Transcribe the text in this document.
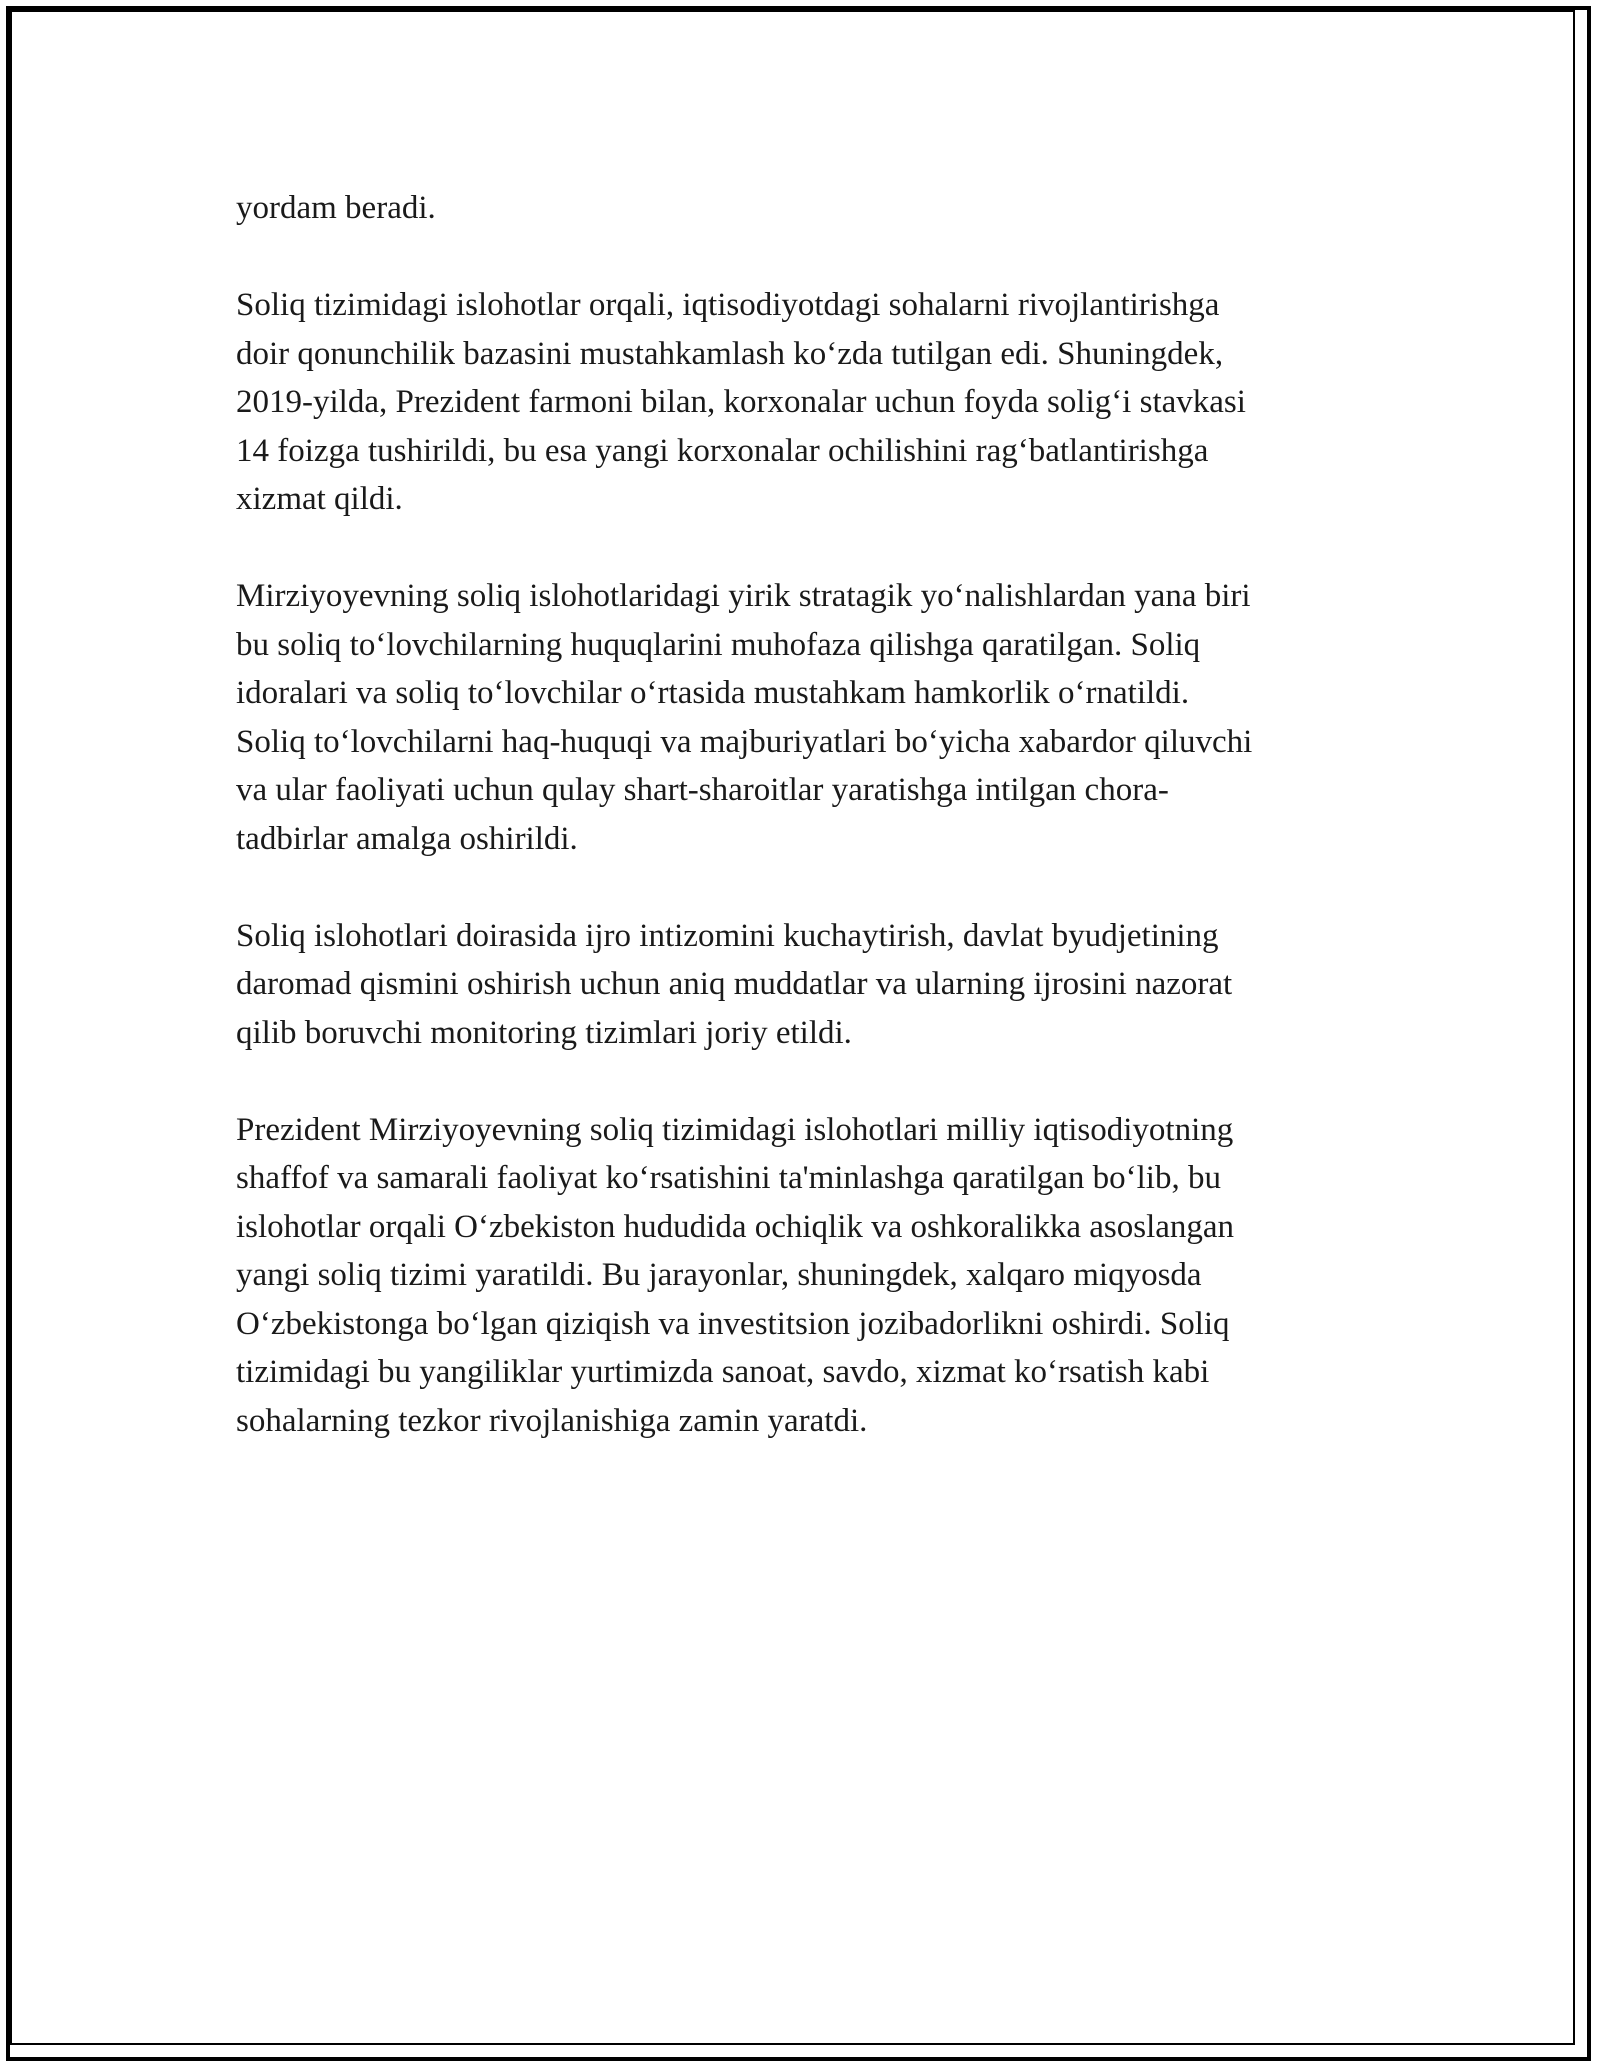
yordam beradi.
Soliq tizimidagi islohotlar orqali, iqtisodiyotdagi sohalarni rivojlantirishga
doir qonunchilik bazasini mustahkamlash ko‘zda tutilgan edi. Shuningdek,
2019-yilda, Prezident farmoni bilan, korxonalar uchun foyda solig‘i stavkasi
14 foizga tushirildi, bu esa yangi korxonalar ochilishini rag‘batlantirishga
xizmat qildi.
Mirziyoyevning soliq islohotlaridagi yirik stratagik yo‘nalishlardan yana biri
bu soliq to‘lovchilarning huquqlarini muhofaza qilishga qaratilgan. Soliq
idoralari va soliq to‘lovchilar o‘rtasida mustahkam hamkorlik o‘rnatildi.
Soliq to‘lovchilarni haq-huquqi va majburiyatlari bo‘yicha xabardor qiluvchi
va ular faoliyati uchun qulay shart-sharoitlar yaratishga intilgan chora-
tadbirlar amalga oshirildi.
Soliq islohotlari doirasida ijro intizomini kuchaytirish, davlat byudjetining
daromad qismini oshirish uchun aniq muddatlar va ularning ijrosini nazorat
qilib boruvchi monitoring tizimlari joriy etildi.
Prezident Mirziyoyevning soliq tizimidagi islohotlari milliy iqtisodiyotning
shaffof va samarali faoliyat ko‘rsatishini ta'minlashga qaratilgan bo‘lib, bu
islohotlar orqali O‘zbekiston hududida ochiqlik va oshkoralikka asoslangan
yangi soliq tizimi yaratildi. Bu jarayonlar, shuningdek, xalqaro miqyosda
O‘zbekistonga bo‘lgan qiziqish va investitsion jozibadorlikni oshirdi. Soliq
tizimidagi bu yangiliklar yurtimizda sanoat, savdo, xizmat ko‘rsatish kabi
sohalarning tezkor rivojlanishiga zamin yaratdi.
